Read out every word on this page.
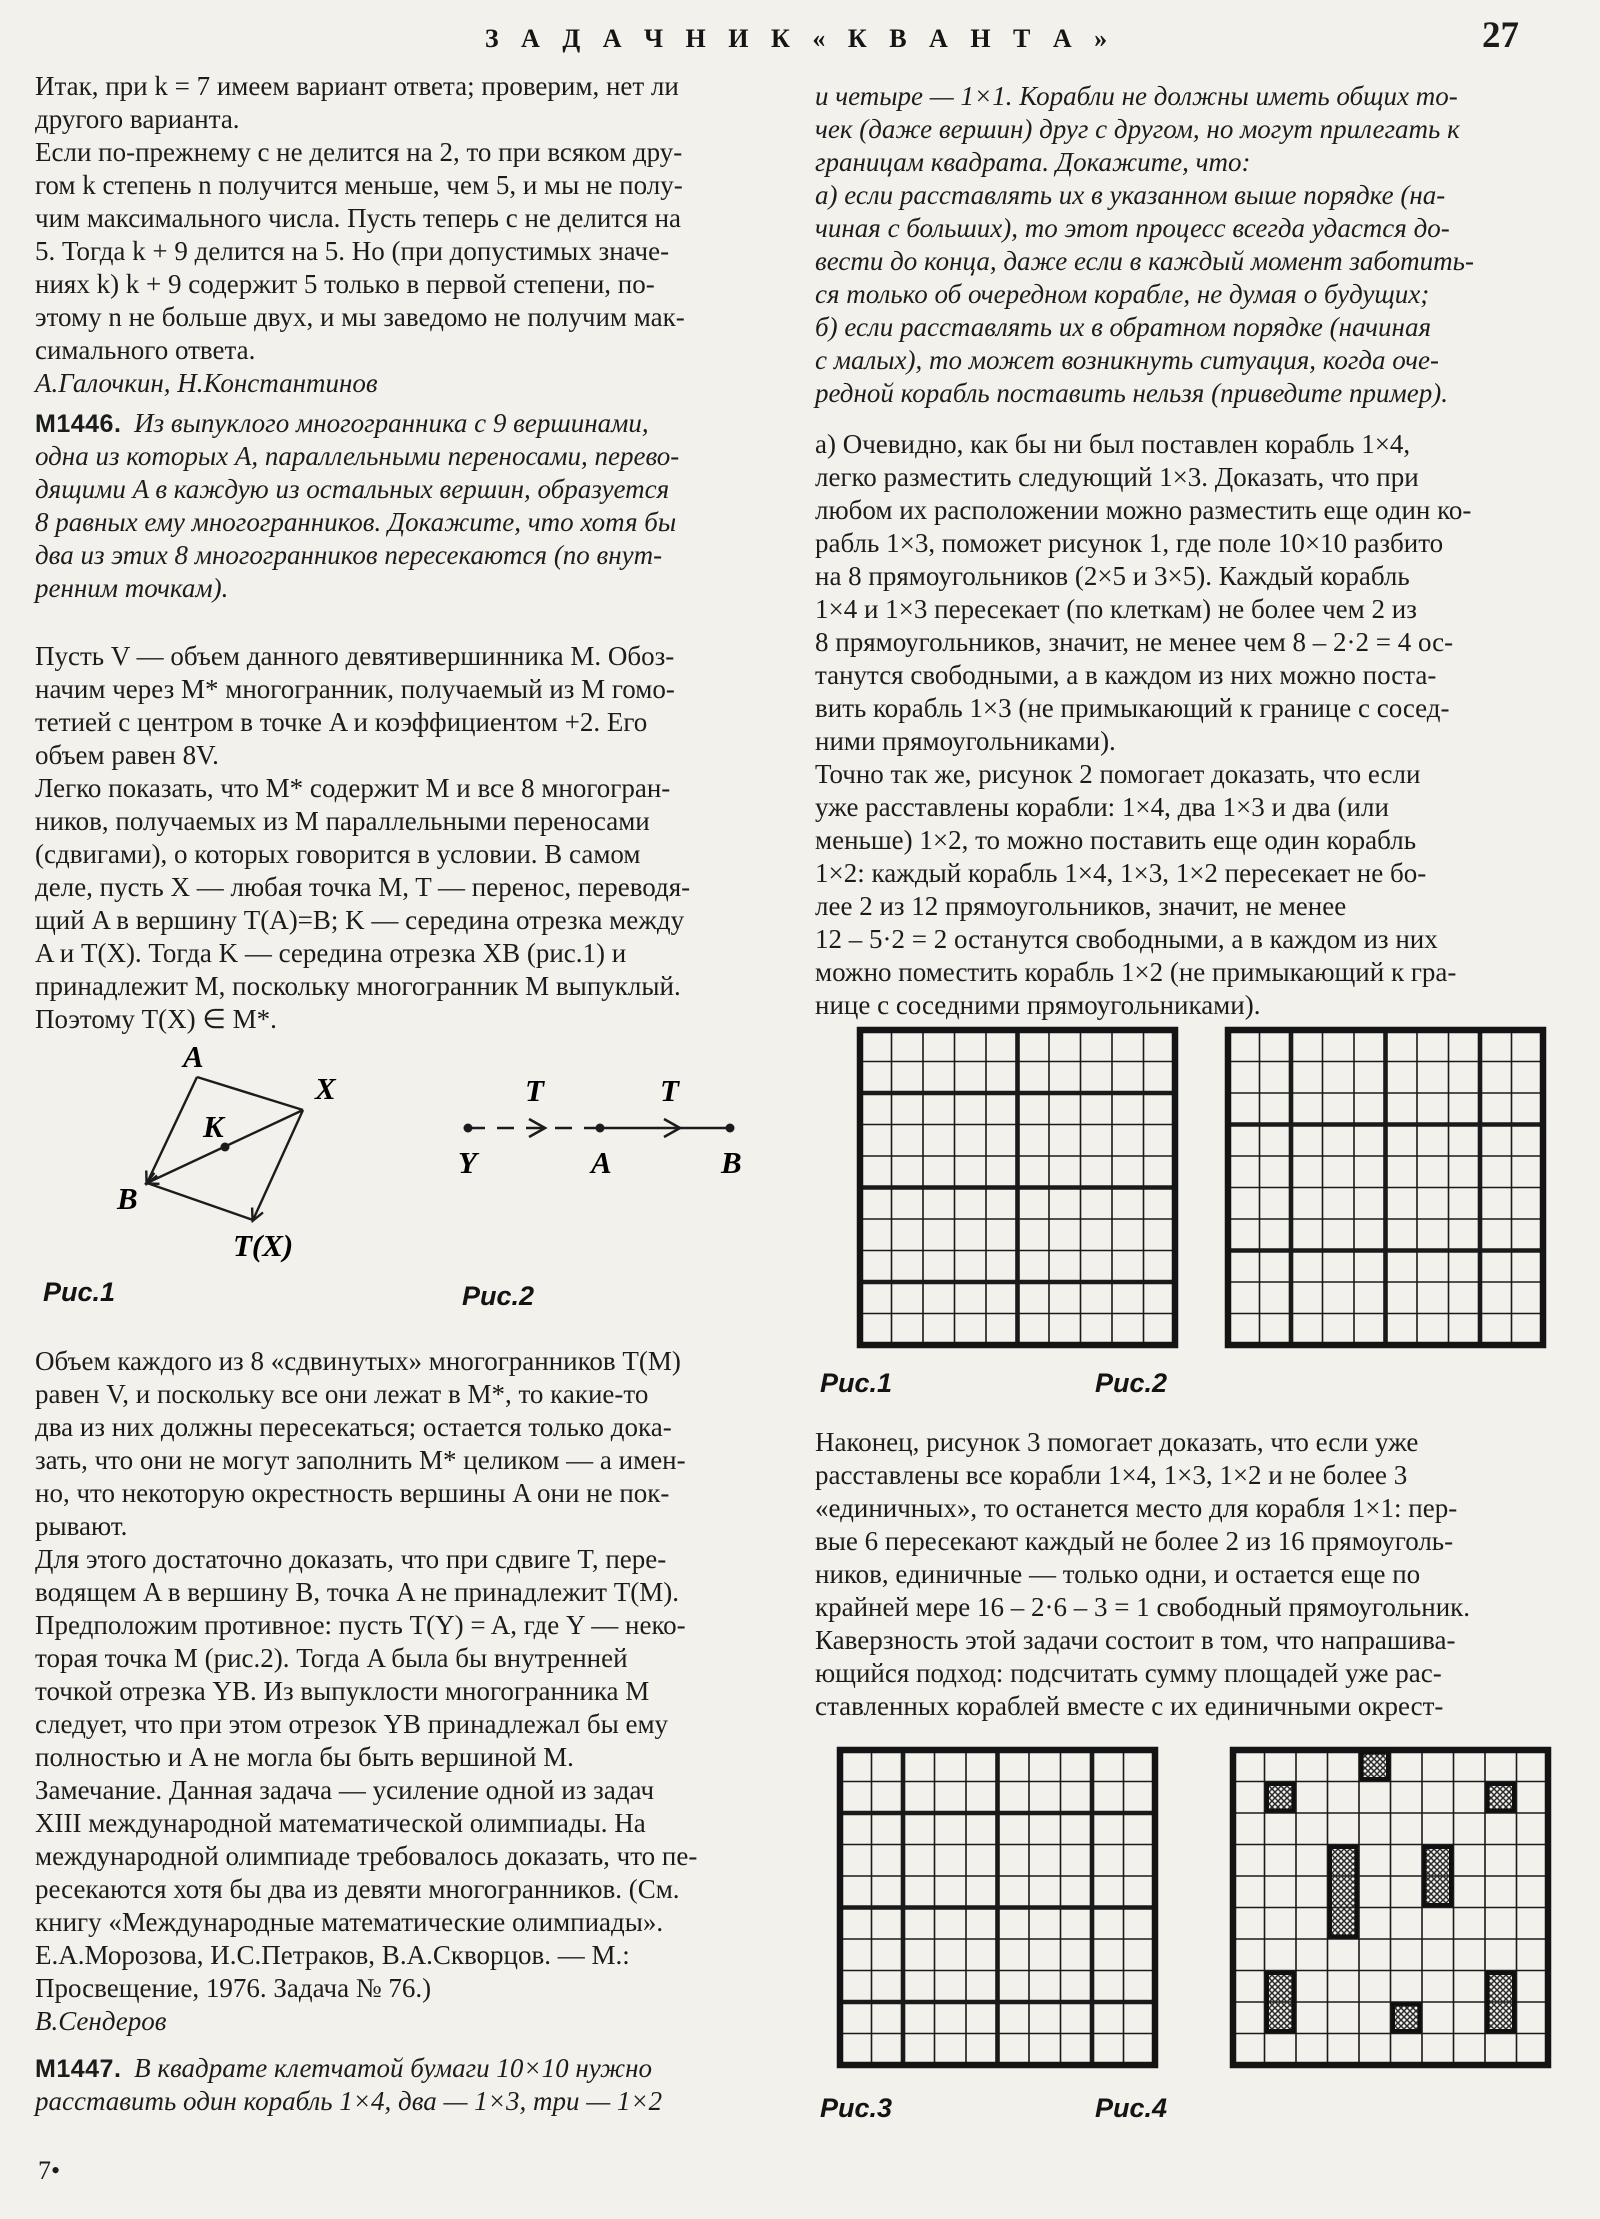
З А Д А Ч Н И К « К В А Н Т А »	27
Итак, при k = 7 имеем вариант ответа; проверим, нет ли
другого варианта.
Если по-прежнему c не делится на 2, то при всяком дру-
гом k степень n получится меньше, чем 5, и мы не полу-
чим максимального числа. Пусть теперь c не делится на
5. Тогда k + 9 делится на 5. Но (при допустимых значе-
ниях k) k + 9 содержит 5 только в первой степени, по-
этому n не больше двух, и мы заведомо не получим мак-
симального ответа.
А.Галочкин, Н.Константинов
М1446. Из выпуклого многогранника с 9 вершинами,
одна из которых A, параллельными переносами, перево-
дящими A в каждую из остальных вершин, образуется
8 равных ему многогранников. Докажите, что хотя бы
два из этих 8 многогранников пересекаются (по внут-
ренним точкам).
Пусть V — объем данного девятивершинника M. Обоз-
начим через M* многогранник, получаемый из M гомо-
тетией с центром в точке A и коэффициентом +2. Его
объем равен 8V.
Легко показать, что M* содержит M и все 8 многогран-
ников, получаемых из M параллельными переносами
(сдвигами), о которых говорится в условии. В самом
деле, пусть X — любая точка M, T — перенос, переводя-
щий A в вершину T(A)=B; K — середина отрезка между
A и T(X). Тогда K — середина отрезка XB (рис.1) и
принадлежит M, поскольку многогранник M выпуклый.
Поэтому T(X) ∈ M*.
A
X
K
B
T(X)
T	T
Y	A	B
Рис.1	Рис.2
Объем каждого из 8 «сдвинутых» многогранников T(M)
равен V, и поскольку все они лежат в M*, то какие-то
два из них должны пересекаться; остается только дока-
зать, что они не могут заполнить M* целиком — а имен-
но, что некоторую окрестность вершины A они не пок-
рывают.
Для этого достаточно доказать, что при сдвиге T, пере-
водящем A в вершину B, точка A не принадлежит T(M).
Предположим противное: пусть T(Y) = A, где Y — неко-
торая точка M (рис.2). Тогда A была бы внутренней
точкой отрезка YB. Из выпуклости многогранника M
следует, что при этом отрезок YB принадлежал бы ему
полностью и A не могла бы быть вершиной M.
Замечание. Данная задача — усиление одной из задач
XIII международной математической олимпиады. На
международной олимпиаде требовалось доказать, что пе-
ресекаются хотя бы два из девяти многогранников. (См.
книгу «Международные математические олимпиады».
Е.А.Морозова, И.С.Петраков, В.А.Скворцов. — М.:
Просвещение, 1976. Задача № 76.)
В.Сендеров
М1447. В квадрате клетчатой бумаги 10×10 нужно
расставить один корабль 1×4, два — 1×3, три — 1×2
7•
и четыре — 1×1. Корабли не должны иметь общих то-
чек (даже вершин) друг с другом, но могут прилегать к
границам квадрата. Докажите, что:
а) если расставлять их в указанном выше порядке (на-
чиная с больших), то этот процесс всегда удастся до-
вести до конца, даже если в каждый момент заботить-
ся только об очередном корабле, не думая о будущих;
б) если расставлять их в обратном порядке (начиная
с малых), то может возникнуть ситуация, когда оче-
редной корабль поставить нельзя (приведите пример).
а) Очевидно, как бы ни был поставлен корабль 1×4,
легко разместить следующий 1×3. Доказать, что при
любом их расположении можно разместить еще один ко-
рабль 1×3, поможет рисунок 1, где поле 10×10 разбито
на 8 прямоугольников (2×5 и 3×5). Каждый корабль
1×4 и 1×3 пересекает (по клеткам) не более чем 2 из
8 прямоугольников, значит, не менее чем 8 – 2·2 = 4 ос-
танутся свободными, а в каждом из них можно поста-
вить корабль 1×3 (не примыкающий к границе с сосед-
ними прямоугольниками).
Точно так же, рисунок 2 помогает доказать, что если
уже расставлены корабли: 1×4, два 1×3 и два (или
меньше) 1×2, то можно поставить еще один корабль
1×2: каждый корабль 1×4, 1×3, 1×2 пересекает не бо-
лее 2 из 12 прямоугольников, значит, не менее
12 – 5·2 = 2 останутся свободными, а в каждом из них
можно поместить корабль 1×2 (не примыкающий к гра-
нице с соседними прямоугольниками).
Рис.1	Рис.2
Наконец, рисунок 3 помогает доказать, что если уже
расставлены все корабли 1×4, 1×3, 1×2 и не более 3
«единичных», то останется место для корабля 1×1: пер-
вые 6 пересекают каждый не более 2 из 16 прямоуголь-
ников, единичные — только одни, и остается еще по
крайней мере 16 – 2·6 – 3 = 1 свободный прямоугольник.
Каверзность этой задачи состоит в том, что напрашива-
ющийся подход: подсчитать сумму площадей уже рас-
ставленных кораблей вместе с их единичными окрест-
Рис.3	Рис.4
